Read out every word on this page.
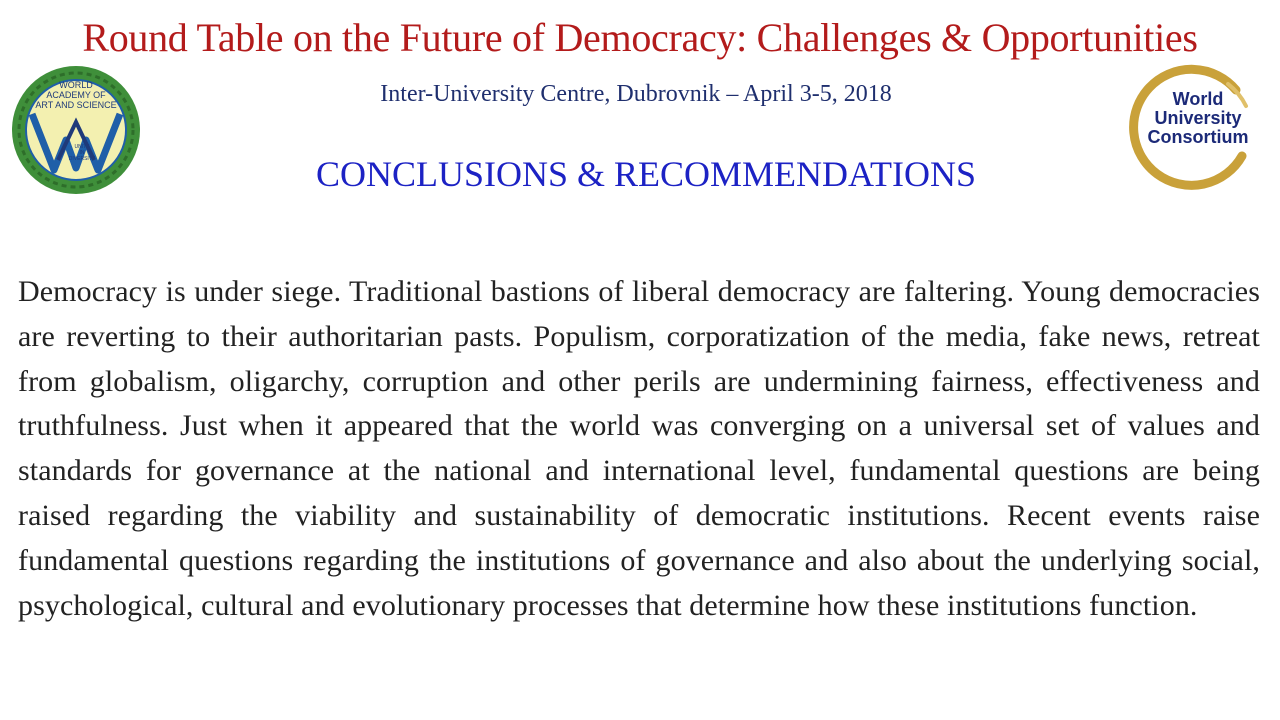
Round Table on the Future of Democracy: Challenges & Opportunities
Inter-University Centre, Dubrovnik – April 3-5, 2018
CONCLUSIONS & RECOMMENDATIONS
WORLD
ACADEMY OF
ART AND SCIENCE
UNITY
IN
DIVERSITY
World
University
Consortium
Democracy is under siege. Traditional bastions of liberal democracy are faltering. Young democracies are reverting to their authoritarian pasts. Populism, corporatization of the media, fake news, retreat from globalism, oligarchy, corruption and other perils are undermining fairness, effectiveness and truthfulness. Just when it appeared that the world was converging on a universal set of values and standards for governance at the national and international level, fundamental questions are being raised regarding the viability and sustainability of democratic institutions. Recent events raise fundamental questions regarding the institutions of governance and also about the underlying social, psychological, cultural and evolutionary processes that determine how these institutions function.
